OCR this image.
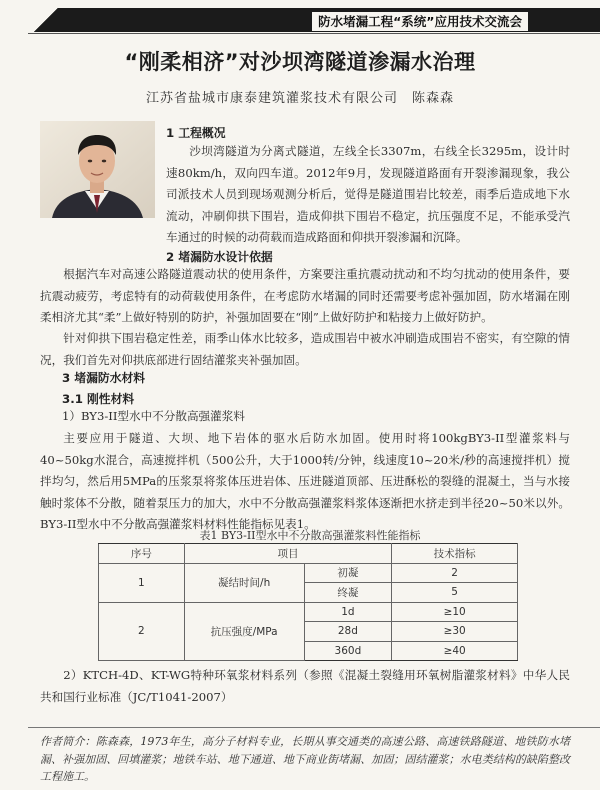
防水堵漏工程“系统”应用技术交流会
“刚柔相济”对沙坝湾隧道渗漏水治理
江苏省盐城市康泰建筑灌浆技术有限公司　陈森森
1 工程概况
沙坝湾隧道为分离式隧道，左线全长3307m，右线全长3295m，设计时速80km/h，双向四车道。2012年9月，发现隧道路面有开裂渗漏现象，我公司派技术人员到现场观测分析后，觉得是隧道围岩比较差，雨季后造成地下水流动，冲刷仰拱下围岩，造成仰拱下围岩不稳定，抗压强度不足，不能承受汽车通过的时候的动荷载而造成路面和仰拱开裂渗漏和沉降。
2 堵漏防水设计依据
根据汽车对高速公路隧道震动状的使用条件，方案要注重抗震动扰动和不均匀扰动的使用条件，要抗震动疲劳，考虑特有的动荷载使用条件，在考虑防水堵漏的同时还需要考虑补强加固，防水堵漏在刚柔相济尤其“柔”上做好特别的防护，补强加固要在“刚”上做好防护和粘接力上做好防护。
针对仰拱下围岩稳定性差，雨季山体水比较多，造成围岩中被水冲刷造成围岩不密实，有空隙的情况，我们首先对仰拱底部进行固结灌浆夹补强加固。
3 堵漏防水材料
3.1 刚性材料
1）BY3-II型水中不分散高强灌浆料
主要应用于隧道、大坝、地下岩体的驱水后防水加固。使用时将100kgBY3-II型灌浆料与40~50kg水混合，高速搅拌机（500公升，大于1000转/分钟，线速度10~20米/秒的高速搅拌机）搅拌均匀，然后用5MPa的压浆泵将浆体压进岩体、压进隧道顶部、压进酥松的裂缝的混凝土，当与水接触时浆体不分散，随着泵压力的加大，水中不分散高强灌浆料浆体逐渐把水挤走到半径20~50米以外。BY3-II型水中不分散高强灌浆料材料性能指标见表1。
表1 BY3-II型水中不分散高强灌浆料性能指标
序号	项目		技术指标
1	凝结时间/h	初凝	2
		终凝	5
2	抗压强度/MPa	1d	≥10
		28d	≥30
		360d	≥40
2）KTCH-4D、KT-WG特种环氧浆材料系列（参照《混凝土裂缝用环氧树脂灌浆材料》中华人民共和国行业标准（JC/T1041-2007）
作者简介：陈森森，1973年生，高分子材料专业，长期从事交通类的高速公路、高速铁路隧道、地铁防水堵漏、补强加固、回填灌浆；地铁车站、地下通道、地下商业街堵漏、加固；固结灌浆；水电类结构的缺陷整改工程施工。
